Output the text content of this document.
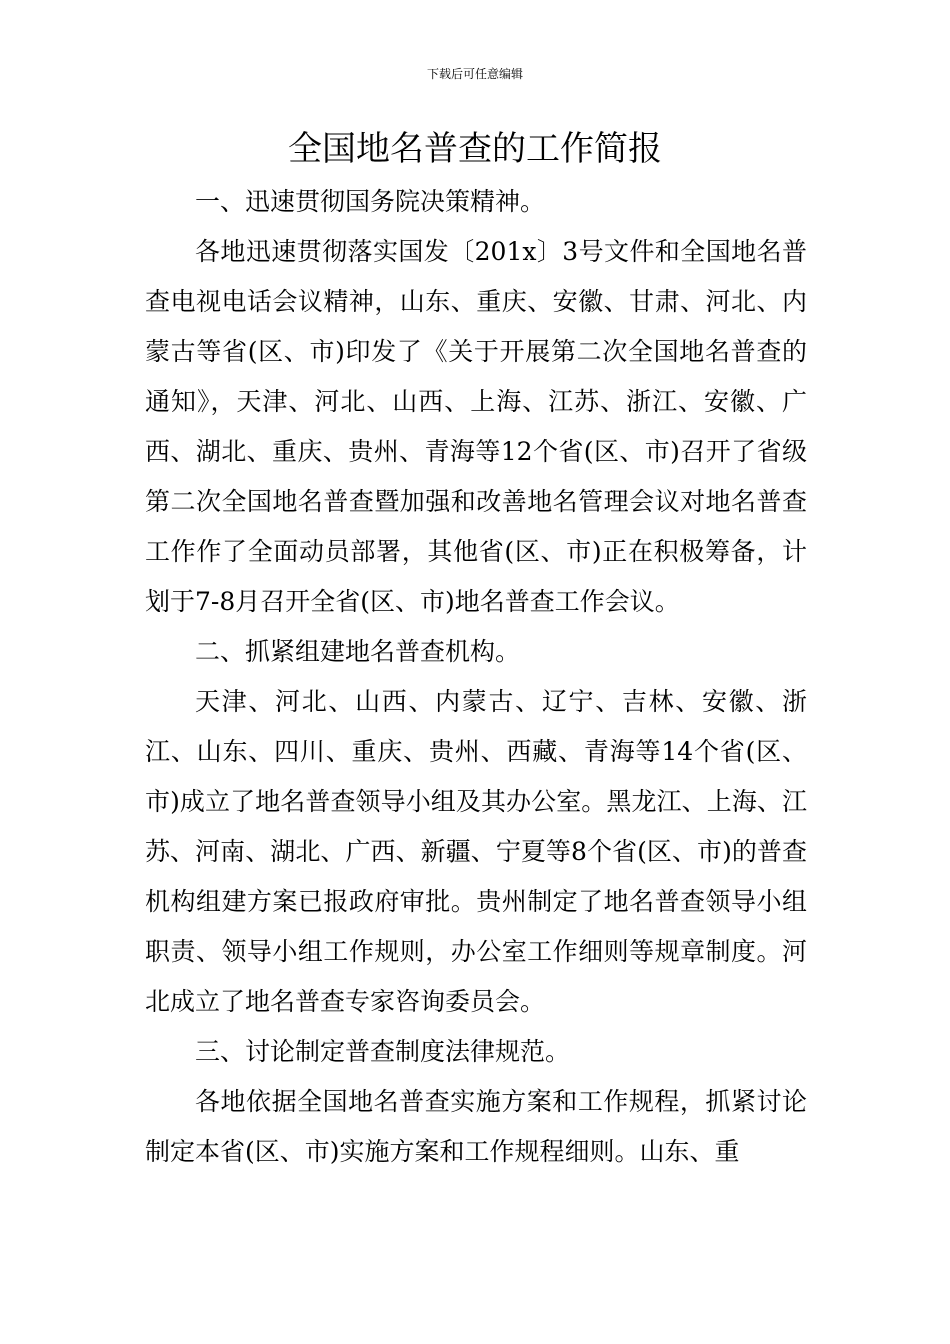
下载后可任意编辑
全国地名普查的工作简报

一、迅速贯彻国务院决策精神。

各地迅速贯彻落实国发〔201x〕3号文件和全国地名普查电视电话会议精神，山东、重庆、安徽、甘肃、河北、内蒙古等省(区、市)印发了《关于开展第二次全国地名普查的通知》，天津、河北、山西、上海、江苏、浙江、安徽、广西、湖北、重庆、贵州、青海等12个省(区、市)召开了省级第二次全国地名普查暨加强和改善地名管理会议对地名普查工作作了全面动员部署，其他省(区、市)正在积极筹备，计划于7-8月召开全省(区、市)地名普查工作会议。

二、抓紧组建地名普查机构。

天津、河北、山西、内蒙古、辽宁、吉林、安徽、浙江、山东、四川、重庆、贵州、西藏、青海等14个省(区、市)成立了地名普查领导小组及其办公室。黑龙江、上海、江苏、河南、湖北、广西、新疆、宁夏等8个省(区、市)的普查机构组建方案已报政府审批。贵州制定了地名普查领导小组职责、领导小组工作规则，办公室工作细则等规章制度。河北成立了地名普查专家咨询委员会。

三、讨论制定普查制度法律规范。

各地依据全国地名普查实施方案和工作规程，抓紧讨论制定本省(区、市)实施方案和工作规程细则。山东、重
